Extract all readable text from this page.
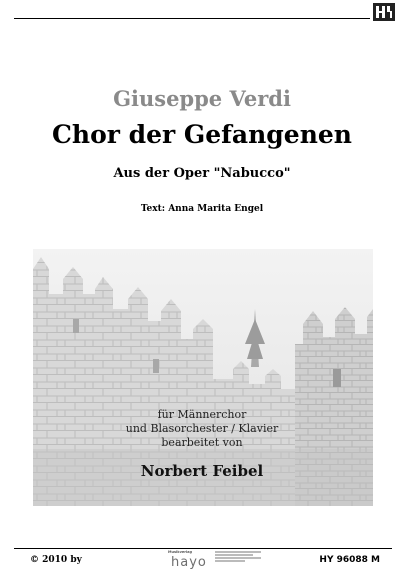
Giuseppe Verdi
Chor der Gefangenen
Aus der Oper "Nabucco"
Text: Anna Marita Engel
für Männerchor
und Blasorchester / Klavier
bearbeitet von
Norbert Feibel
© 2010 by
Musikverlag
hayo	HY 96088 M
